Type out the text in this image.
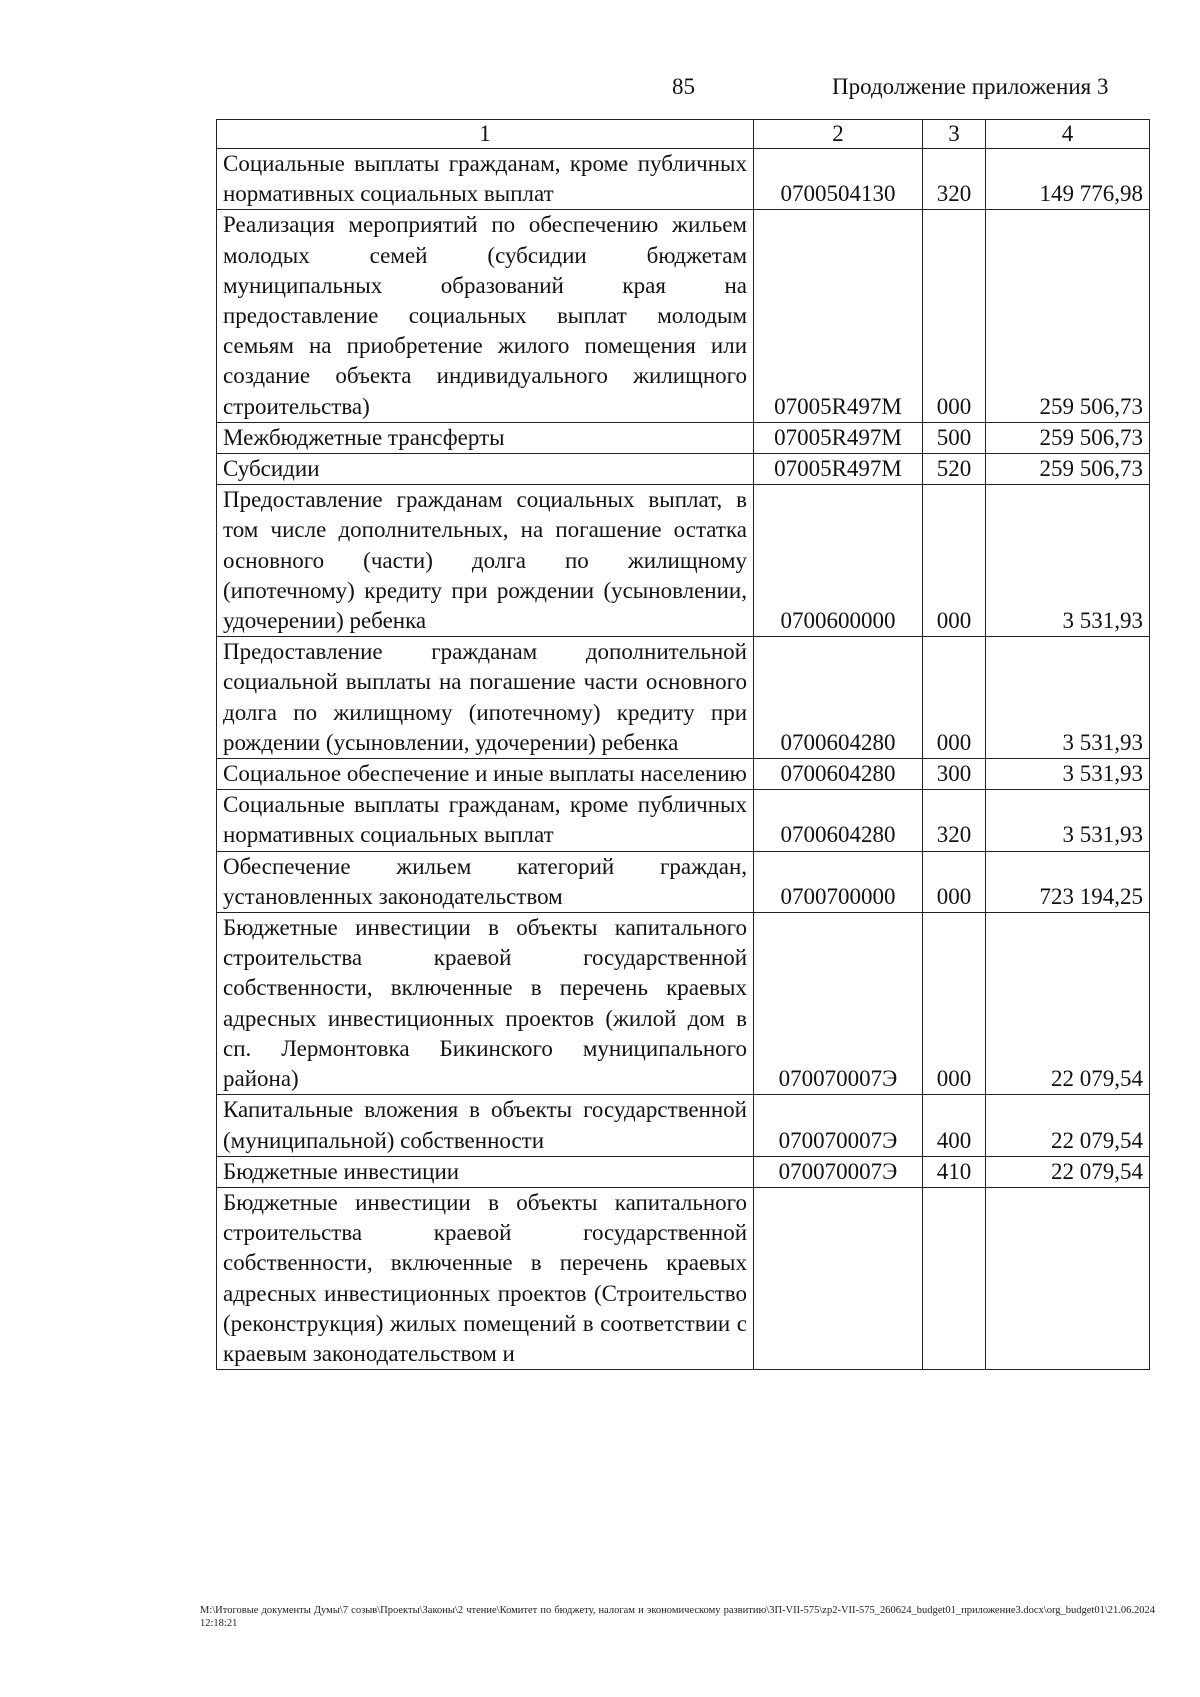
85	Продолжение приложения 3
1	2	3	4
Социальные выплаты гражданам, кроме публичных нормативных социальных выплат	0700504130	320	149 776,98
Реализация мероприятий по обеспечению жильем молодых семей (субсидии бюджетам муниципальных образований края на предоставление социальных выплат молодым семьям на приобретение жилого помещения или создание объекта индивидуального жилищного строительства)	07005R497M	000	259 506,73
Межбюджетные трансферты	07005R497M	500	259 506,73
Субсидии	07005R497M	520	259 506,73
Предоставление гражданам социальных выплат, в том числе дополнительных, на погашение остатка основного (части) долга по жилищному (ипотечному) кредиту при рождении (усыновлении, удочерении) ребенка	0700600000	000	3 531,93
Предоставление гражданам дополнительной социальной выплаты на погашение части основного долга по жилищному (ипотечному) кредиту при рождении (усыновлении, удочерении) ребенка	0700604280	000	3 531,93
Социальное обеспечение и иные выплаты населению	0700604280	300	3 531,93
Социальные выплаты гражданам, кроме публичных нормативных социальных выплат	0700604280	320	3 531,93
Обеспечение жильем категорий граждан, установленных законодательством	0700700000	000	723 194,25
Бюджетные инвестиции в объекты капитального строительства краевой государственной собственности, включенные в перечень краевых адресных инвестиционных проектов (жилой дом в сп. Лермонтовка Бикинского муниципального района)	070070007Э	000	22 079,54
Капитальные вложения в объекты государственной (муниципальной) собственности	070070007Э	400	22 079,54
Бюджетные инвестиции	070070007Э	410	22 079,54
Бюджетные инвестиции в объекты капитального строительства краевой государственной собственности, включенные в перечень краевых адресных инвестиционных проектов (Строительство (реконструкция) жилых помещений в соответствии с краевым законодательством и			
М:\Итоговые документы Думы\7 созыв\Проекты\Законы\2 чтение\Комитет по бюджету, налогам и экономическому развитию\3П-VII-575\zp2-VII-575_260624_budget01_приложение3.docx\org_budget01\21.06.2024 12:18:21
